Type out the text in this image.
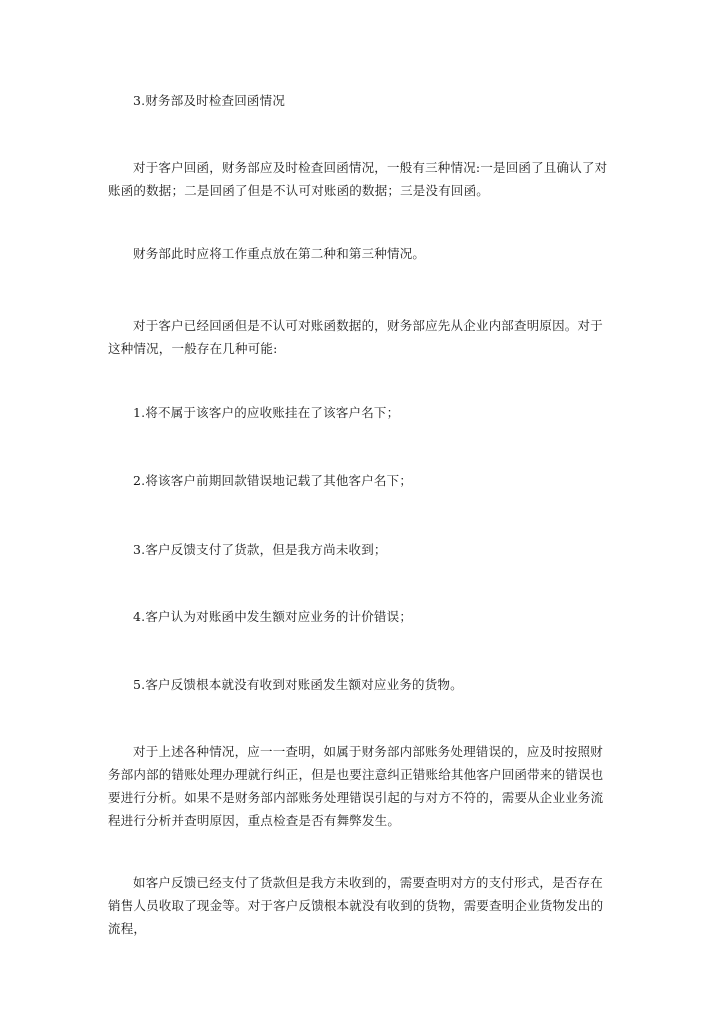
3.财务部及时检查回函情况
对于客户回函，财务部应及时检查回函情况，一般有三种情况:一是回函了且确认了对账函的数据；二是回函了但是不认可对账函的数据；三是没有回函。
财务部此时应将工作重点放在第二种和第三种情况。
对于客户已经回函但是不认可对账函数据的，财务部应先从企业内部查明原因。对于这种情况，一般存在几种可能:
1.将不属于该客户的应收账挂在了该客户名下；
2.将该客户前期回款错误地记载了其他客户名下；
3.客户反馈支付了货款，但是我方尚未收到；
4.客户认为对账函中发生额对应业务的计价错误；
5.客户反馈根本就没有收到对账函发生额对应业务的货物。
对于上述各种情况，应一一查明，如属于财务部内部账务处理错误的，应及时按照财务部内部的错账处理办理就行纠正，但是也要注意纠正错账给其他客户回函带来的错误也要进行分析。如果不是财务部内部账务处理错误引起的与对方不符的，需要从企业业务流程进行分析并查明原因，重点检查是否有舞弊发生。
如客户反馈已经支付了货款但是我方未收到的，需要查明对方的支付形式，是否存在销售人员收取了现金等。对于客户反馈根本就没有收到的货物，需要查明企业货物发出的流程，
